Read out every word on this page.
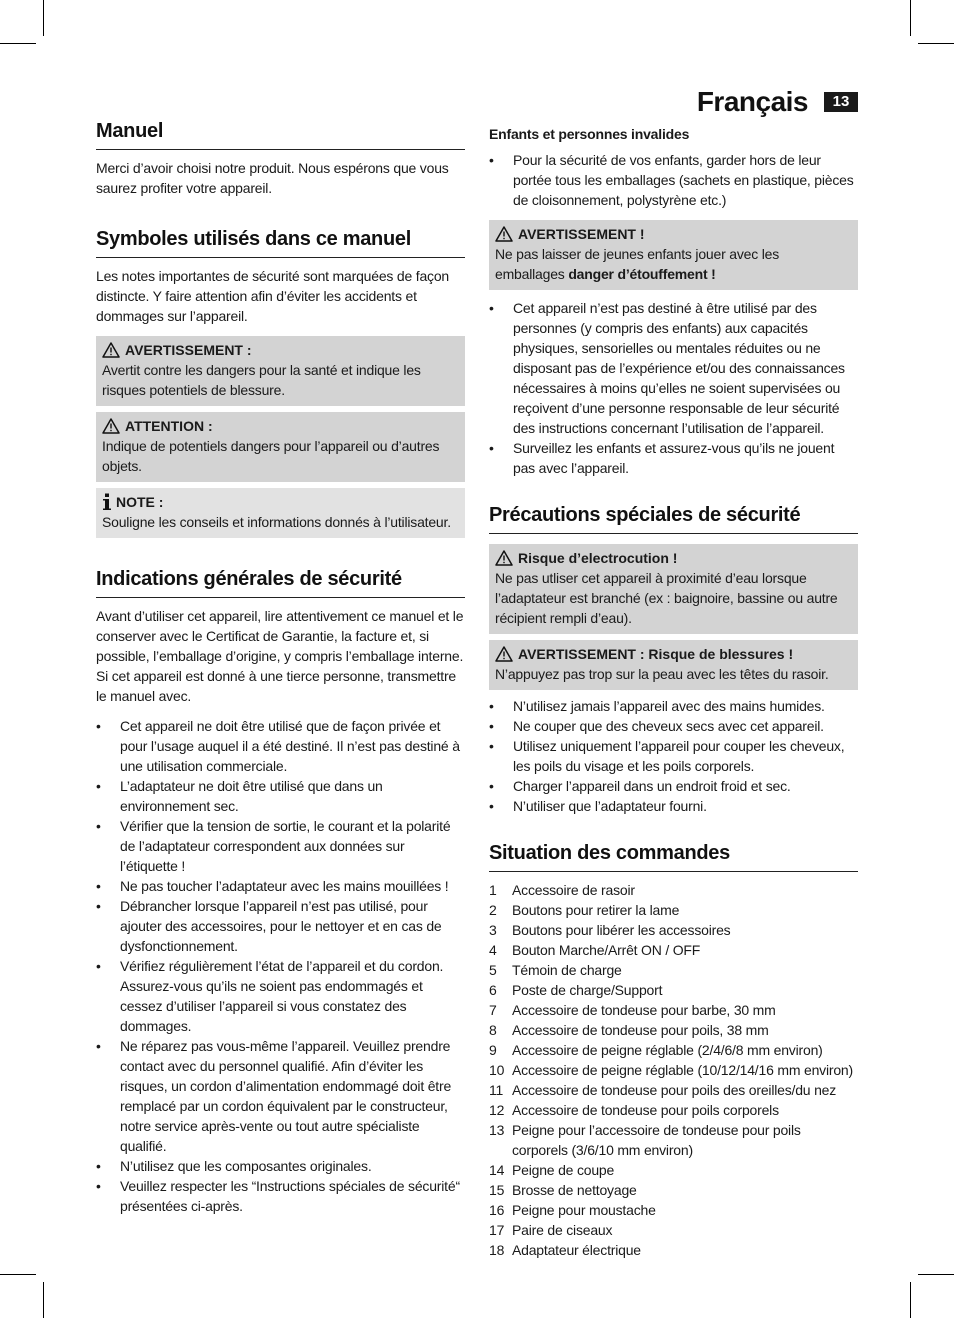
Français	13
Manuel

Merci d’avoir choisi notre produit. Nous espérons que vous saurez profiter votre appareil.

Symboles utilisés dans ce manuel

Les notes importantes de sécurité sont marquées de façon distincte. Y faire attention afin d’éviter les accidents et dommages sur l’appareil.

AVERTISSEMENT :
Avertit contre les dangers pour la santé et indique les risques potentiels de blessure.
ATTENTION :
Indique de potentiels dangers pour l’appareil ou d’autres objets.
NOTE :
Souligne les conseils et informations donnés à l’utilisateur.
Indications générales de sécurité

Avant d’utiliser cet appareil, lire attentivement ce manuel et le conserver avec le Certificat de Garantie, la facture et, si possible, l’emballage d’origine, y compris l’emballage interne. Si cet appareil est donné à une tierce personne, transmettre le manuel avec.

• Cet appareil ne doit être utilisé que de façon privée et pour l’usage auquel il a été destiné. Il n’est pas destiné à une utilisation commerciale.
• L’adaptateur ne doit être utilisé que dans un environnement sec.
• Vérifier que la tension de sortie, le courant et la polarité de l’adaptateur correspondent aux données sur l’étiquette !
• Ne pas toucher l’adaptateur avec les mains mouillées !
• Débrancher lorsque l’appareil n’est pas utilisé, pour ajouter des accessoires, pour le nettoyer et en cas de dysfonctionnement.
• Vérifiez régulièrement l’état de l’appareil et du cordon. Assurez-vous qu’ils ne soient pas endommagés et cessez d’utiliser l’appareil si vous constatez des dommages.
• Ne réparez pas vous-même l’appareil. Veuillez prendre contact avec du personnel qualifié. Afin d’éviter les risques, un cordon d’alimentation endommagé doit être remplacé par un cordon équivalent par le constructeur, notre service après-vente ou tout autre spécialiste qualifié.
• N’utilisez que les composantes originales.
• Veuillez respecter les “Instructions spéciales de sécurité“ présentées ci-après.
Enfants et personnes invalides
• Pour la sécurité de vos enfants, garder hors de leur portée tous les emballages (sachets en plastique, pièces de cloisonnement, polystyrène etc.)
AVERTISSEMENT !
Ne pas laisser de jeunes enfants jouer avec les emballages danger d’étouffement !
• Cet appareil n’est pas destiné à être utilisé par des personnes (y compris des enfants) aux capacités physiques, sensorielles ou mentales réduites ou ne disposant pas de l’expérience et/ou des connaissances nécessaires à moins qu’elles ne soient supervisées ou reçoivent d’une personne responsable de leur sécurité des instructions concernant l’utilisation de l’appareil.
• Surveillez les enfants et assurez-vous qu’ils ne jouent pas avec l’appareil.
Précautions spéciales de sécurité
Risque d’electrocution !
Ne pas utliser cet appareil à proximité d’eau lorsque l’adaptateur est branché (ex : baignoire, bassine ou autre récipient rempli d’eau).
AVERTISSEMENT : Risque de blessures !
N’appuyez pas trop sur la peau avec les têtes du rasoir.
• N’utilisez jamais l’appareil avec des mains humides.
• Ne couper que des cheveux secs avec cet appareil.
• Utilisez uniquement l’appareil pour couper les cheveux, les poils du visage et les poils corporels.
• Charger l’appareil dans un endroit froid et sec.
• N’utiliser que l’adaptateur fourni.
Situation des commandes
1	Accessoire de rasoir
2	Boutons pour retirer la lame
3	Boutons pour libérer les accessoires
4	Bouton Marche/Arrêt ON / OFF
5	Témoin de charge
6	Poste de charge/Support
7	Accessoire de tondeuse pour barbe, 30 mm
8	Accessoire de tondeuse pour poils, 38 mm
9	Accessoire de peigne réglable (2/4/6/8 mm environ)
10 Accessoire de peigne réglable (10/12/14/16 mm environ)
11 Accessoire de tondeuse pour poils des oreilles/du nez
12 Accessoire de tondeuse pour poils corporels
13 Peigne pour l’accessoire de tondeuse pour poils corporels (3/6/10 mm environ)
14 Peigne de coupe
15 Brosse de nettoyage
16 Peigne pour moustache
17 Paire de ciseaux
18 Adaptateur électrique
